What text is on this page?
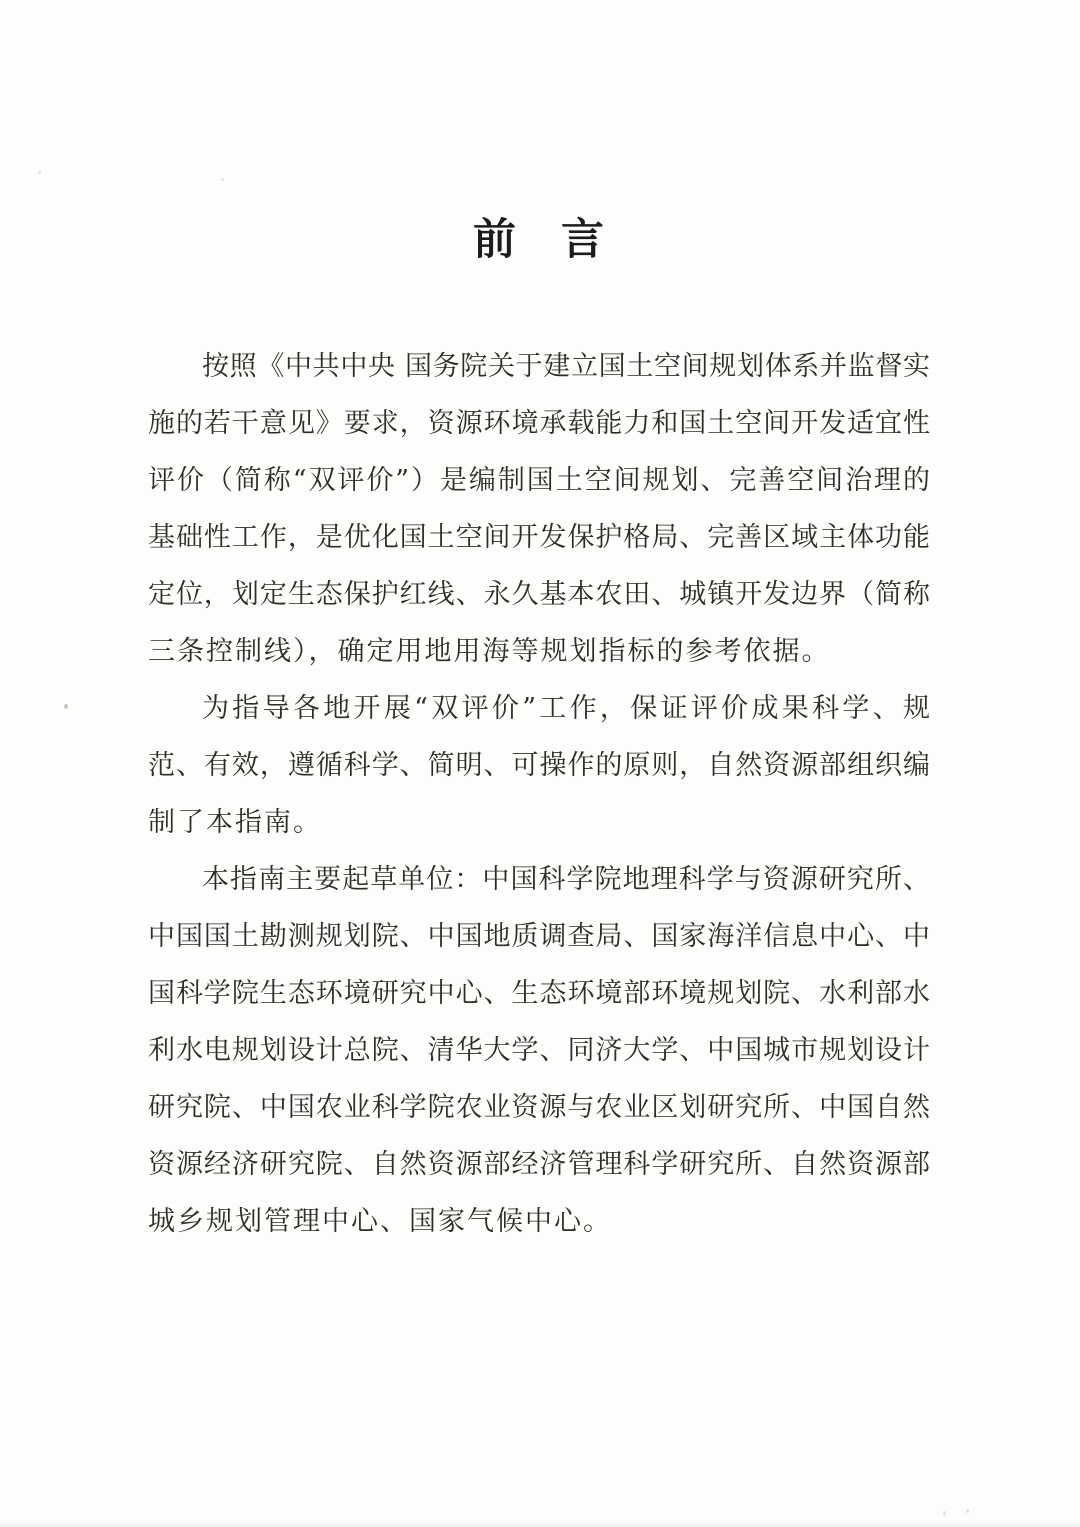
前　言
按照《中共中央 国务院关于建立国土空间规划体系并监督实
施的若干意见》要求，资源环境承载能力和国土空间开发适宜性
评价（简称“双评价”）是编制国土空间规划、完善空间治理的
基础性工作，是优化国土空间开发保护格局、完善区域主体功能
定位，划定生态保护红线、永久基本农田、城镇开发边界（简称
三条控制线），确定用地用海等规划指标的参考依据。
为指导各地开展“双评价”工作，保证评价成果科学、规
范、有效，遵循科学、简明、可操作的原则，自然资源部组织编
制了本指南。
本指南主要起草单位：中国科学院地理科学与资源研究所、
中国国土勘测规划院、中国地质调查局、国家海洋信息中心、中
国科学院生态环境研究中心、生态环境部环境规划院、水利部水
利水电规划设计总院、清华大学、同济大学、中国城市规划设计
研究院、中国农业科学院农业资源与农业区划研究所、中国自然
资源经济研究院、自然资源部经济管理科学研究所、自然资源部
城乡规划管理中心、国家气候中心。
